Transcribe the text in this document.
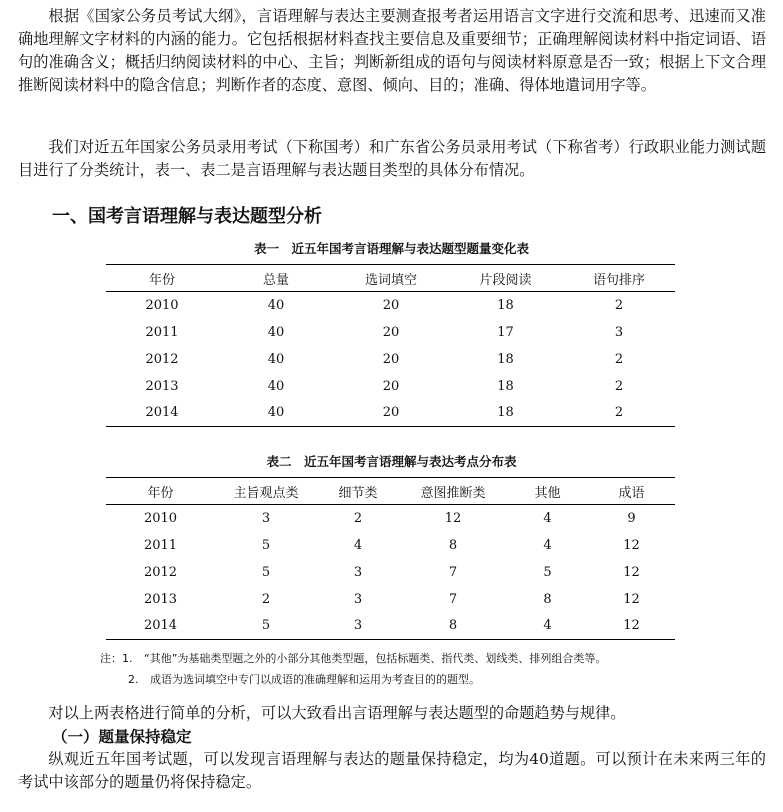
根据《国家公务员考试大纲》，言语理解与表达主要测查报考者运用语言文字进行交流和思考、迅速而又准确地理解文字材料的内涵的能力。它包括根据材料查找主要信息及重要细节；正确理解阅读材料中指定词语、语句的准确含义；概括归纳阅读材料的中心、主旨；判断新组成的语句与阅读材料原意是否一致；根据上下文合理推断阅读材料中的隐含信息；判断作者的态度、意图、倾向、目的；准确、得体地遣词用字等。

我们对近五年国家公务员录用考试（下称国考）和广东省公务员录用考试（下称省考）行政职业能力测试题目进行了分类统计，表一、表二是言语理解与表达题目类型的具体分布情况。

一、国考言语理解与表达题型分析
表一　近五年国考言语理解与表达题型题量变化表
年份	总量	选词填空	片段阅读	语句排序
2010	40	20	18	2
2011	40	20	17	3
2012	40	20	18	2
2013	40	20	18	2
2014	40	20	18	2
表二　近五年国考言语理解与表达考点分布表
年份	主旨观点类	细节类	意图推断类	其他	成语
2010	3	2	12	4	9
2011	5	4	8	4	12
2012	5	3	7	5	12
2013	2	3	7	8	12
2014	5	3	8	4	12
注：1. “其他”为基础类型题之外的小部分其他类型题，包括标题类、指代类、划线类、排列组合类等。
2. 成语为选词填空中专门以成语的准确理解和运用为考查目的的题型。

对以上两表格进行简单的分析，可以大致看出言语理解与表达题型的命题趋势与规律。

（一）题量保持稳定

纵观近五年国考试题，可以发现言语理解与表达的题量保持稳定，均为40道题。可以预计在未来两三年的考试中该部分的题量仍将保持稳定。
